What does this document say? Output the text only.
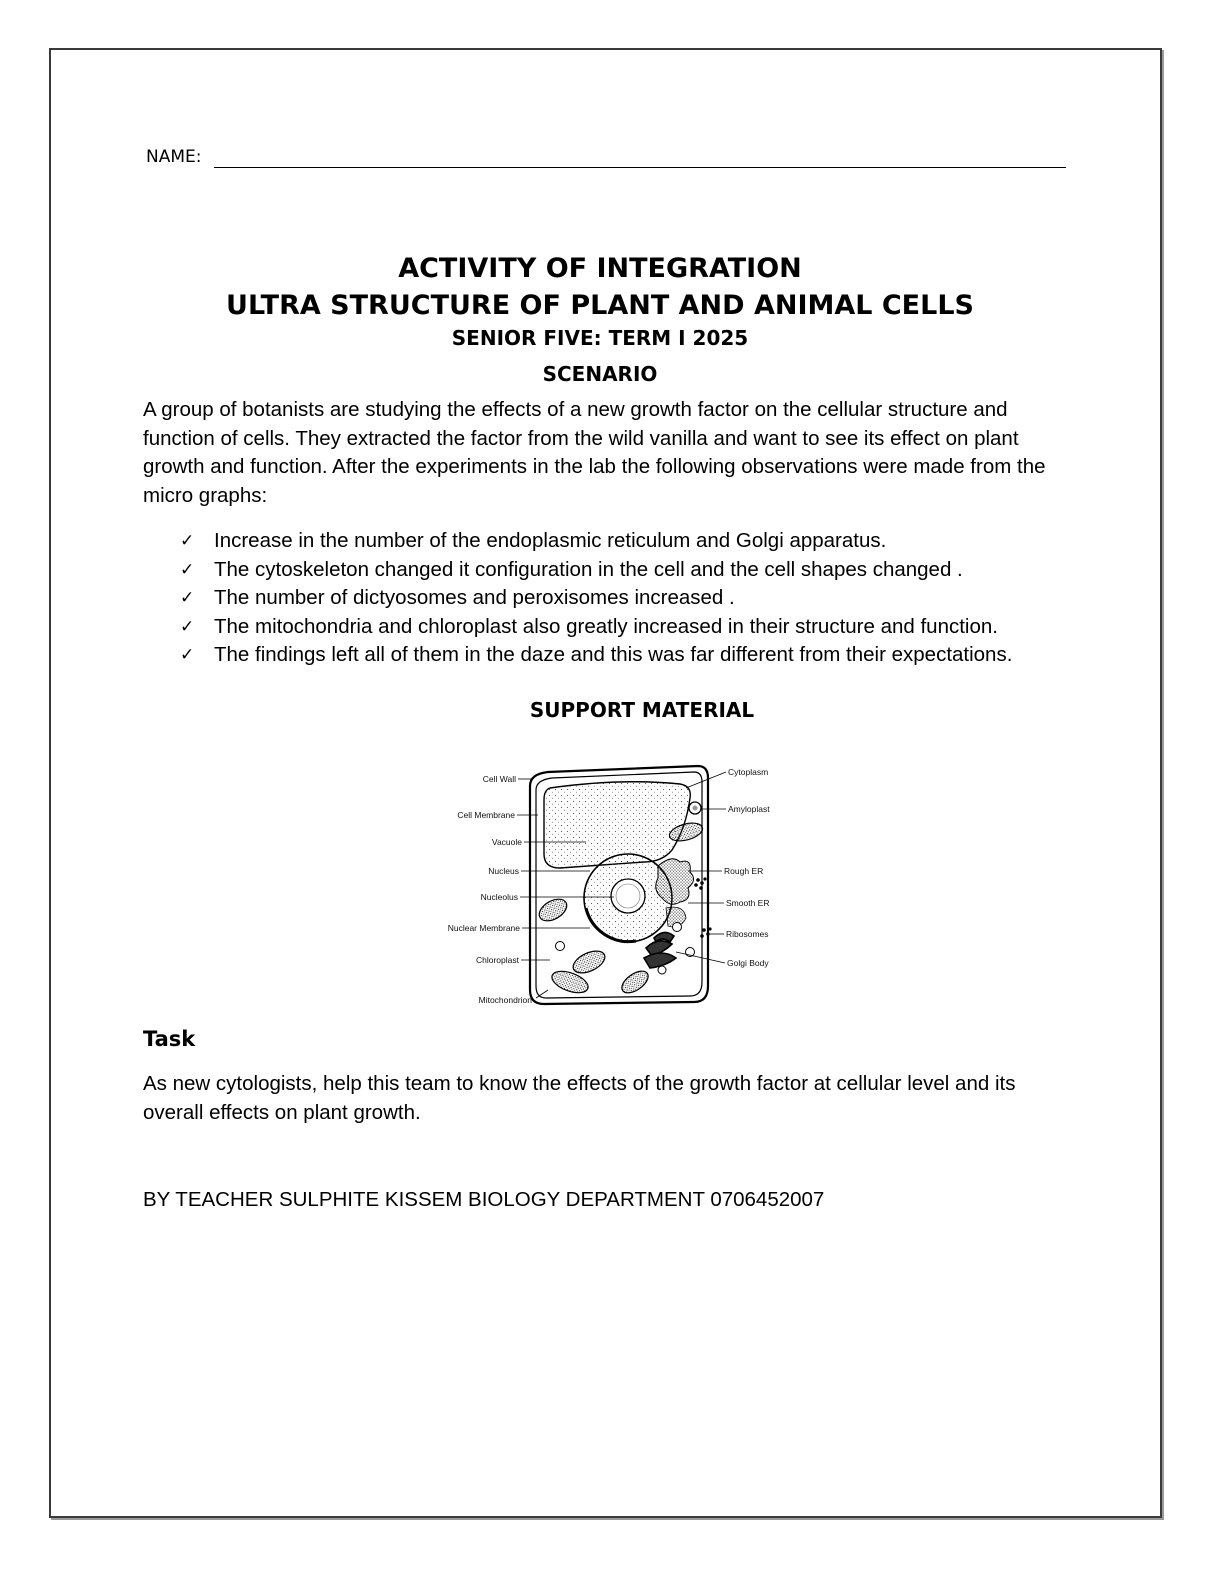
NAME:
ACTIVITY OF INTEGRATION
ULTRA STRUCTURE OF PLANT AND ANIMAL CELLS
SENIOR FIVE: TERM I 2025
SCENARIO
A group of botanists are studying the effects of a new growth factor on the cellular structure and function of cells. They extracted the factor from the wild vanilla and want to see its effect on plant growth and function. After the experiments in the lab the following observations were made from the micro graphs:
✓ Increase in the number of the endoplasmic reticulum and Golgi apparatus.
✓ The cytoskeleton changed it configuration in the cell and the cell shapes changed .
✓ The number of dictyosomes and peroxisomes increased .
✓ The mitochondria and chloroplast also greatly increased in their structure and function.
✓ The findings left all of them in the daze and this was far different from their expectations.
SUPPORT MATERIAL
Cell Wall
Cell Membrane
Vacuole
Nucleus
Nucleolus
Nuclear Membrane
Chloroplast
Mitochondrion
Cytoplasm
Amyloplast
Rough ER
Smooth ER
Ribosomes
Golgi Body
Task
As new cytologists, help this team to know the effects of the growth factor at cellular level and its overall effects on plant growth.
BY TEACHER SULPHITE KISSEM BIOLOGY DEPARTMENT 0706452007
